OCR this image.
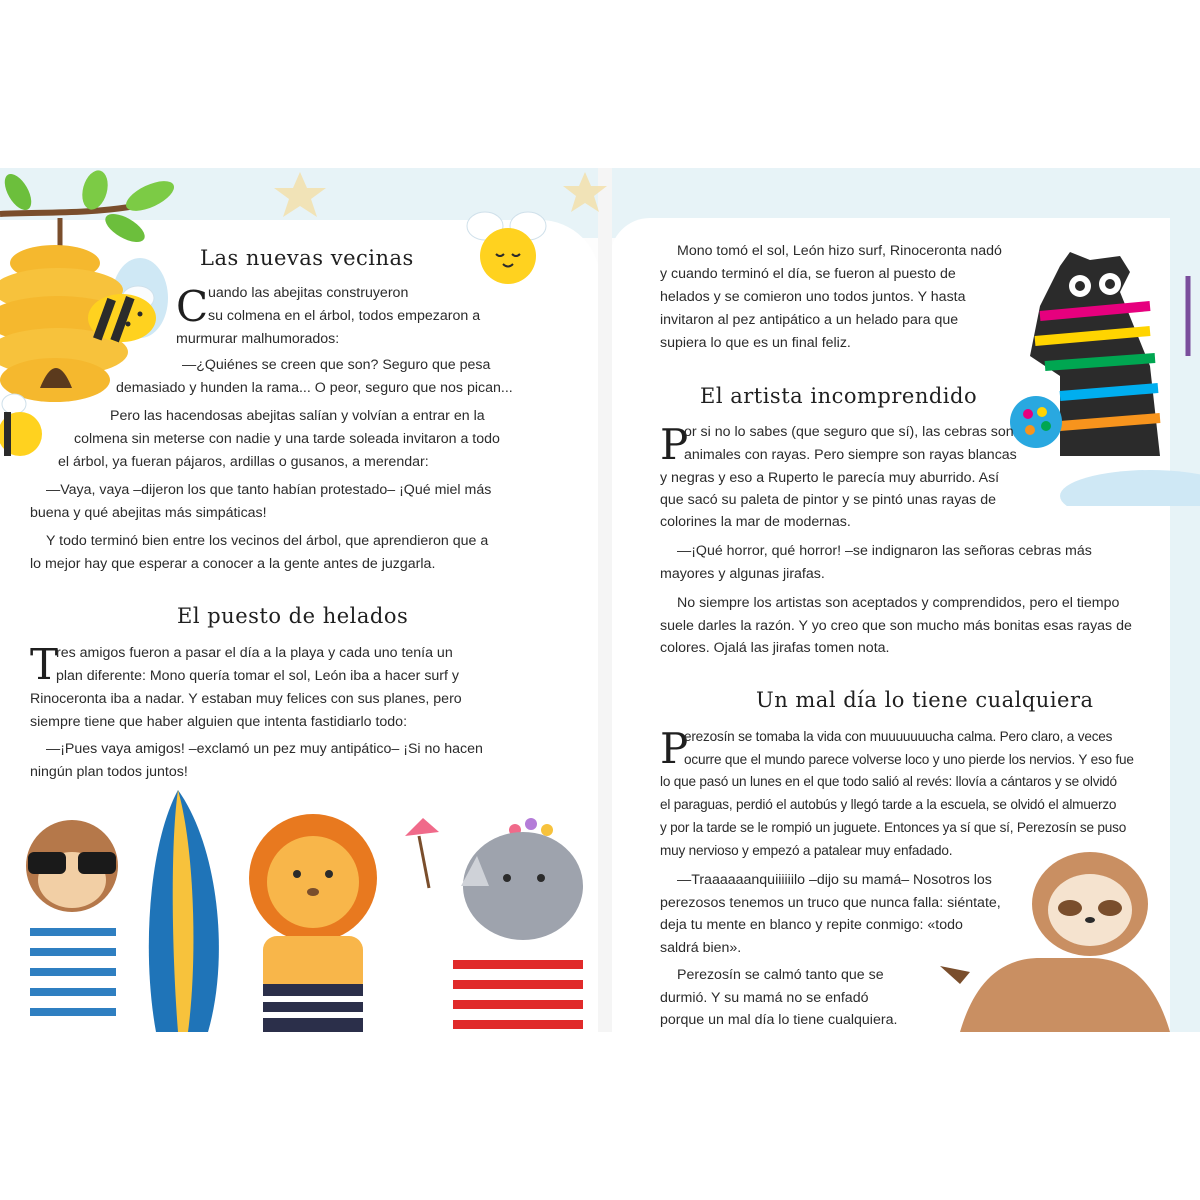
Las nuevas vecinas
C uando las abejitas construyeron

su colmena en el árbol, todos empezaron a

murmurar malhumorados:

—¿Quiénes se creen que son? Seguro que pesa

demasiado y hunden la rama... O peor, seguro que nos pican...

Pero las hacendosas abejitas salían y volvían a entrar en la

colmena sin meterse con nadie y una tarde soleada invitaron a todo

el árbol, ya fueran pájaros, ardillas o gusanos, a merendar:

—Vaya, vaya –dijeron los que tanto habían protestado– ¡Qué miel más

buena y qué abejitas más simpáticas!

Y todo terminó bien entre los vecinos del árbol, que aprendieron que a

lo mejor hay que esperar a conocer a la gente antes de juzgarla.

El puesto de helados
T

res amigos fueron a pasar el día a la playa y cada uno tenía un

plan diferente: Mono quería tomar el sol, León iba a hacer surf y

Rinoceronta iba a nadar. Y estaban muy felices con sus planes, pero

siempre tiene que haber alguien que intenta fastidiarlo todo:

—¡Pues vaya amigos! –exclamó un pez muy antipático– ¡Si no hacen

ningún plan todos juntos!

Mono tomó el sol, León hizo surf, Rinoceronta nadó

y cuando terminó el día, se fueron al puesto de

helados y se comieron uno todos juntos. Y hasta

invitaron al pez antipático a un helado para que

supiera lo que es un final feliz.

El artista incomprendido
P

or si no lo sabes (que seguro que sí), las cebras son

animales con rayas. Pero siempre son rayas blancas

y negras y eso a Ruperto le parecía muy aburrido. Así

que sacó su paleta de pintor y se pintó unas rayas de

colorines la mar de modernas.

—¡Qué horror, qué horror! –se indignaron las señoras cebras más

mayores y algunas jirafas.

No siempre los artistas son aceptados y comprendidos, pero el tiempo

suele darles la razón. Y yo creo que son mucho más bonitas esas rayas de

colores. Ojalá las jirafas tomen nota.

Un mal día lo tiene cualquiera
P

erezosín se tomaba la vida con muuuuuuucha calma. Pero claro, a veces

ocurre que el mundo parece volverse loco y uno pierde los nervios. Y eso fue

lo que pasó un lunes en el que todo salió al revés: llovía a cántaros y se olvidó

el paraguas, perdió el autobús y llegó tarde a la escuela, se olvidó el almuerzo

y por la tarde se le rompió un juguete. Entonces ya sí que sí, Perezosín se puso

muy nervioso y empezó a patalear muy enfadado.

—Traaaaaanquiiiiiilo –dijo su mamá– Nosotros los

perezosos tenemos un truco que nunca falla: siéntate,

deja tu mente en blanco y repite conmigo: «todo

saldrá bien».

Perezosín se calmó tanto que se

durmió. Y su mamá no se enfadó

porque un mal día lo tiene cualquiera.
